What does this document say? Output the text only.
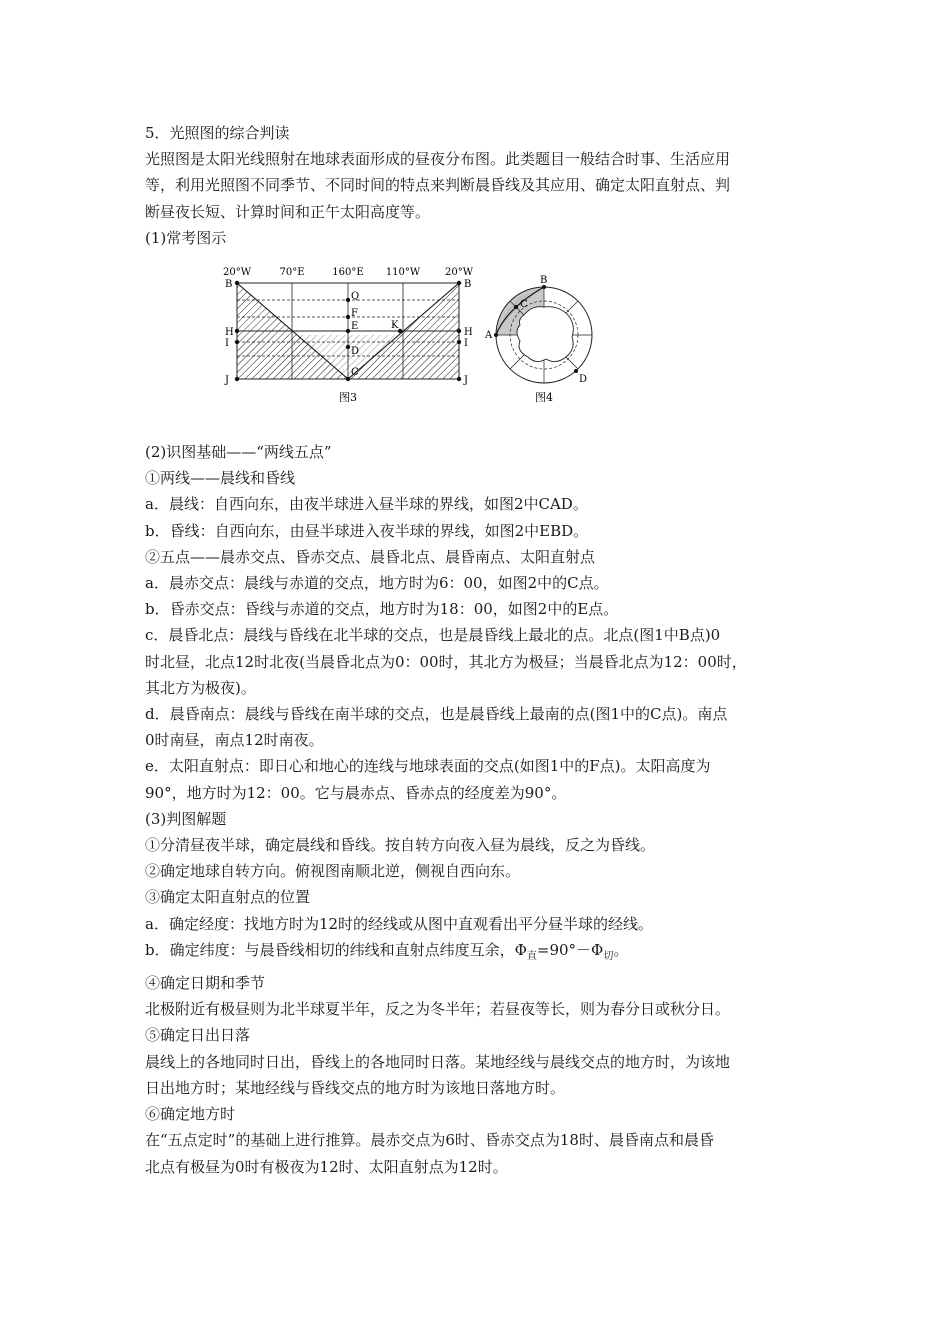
5．光照图的综合判读
光照图是太阳光线照射在地球表面形成的昼夜分布图。此类题目一般结合时事、生活应用
等，利用光照图不同季节、不同时间的特点来判断晨昏线及其应用、确定太阳直射点、判
断昼夜长短、计算时间和正午太阳高度等。
(1)常考图示
20°W	70°E	160°E 110°W 20°W
B
H
I
J
B
H
I
J
Q
F
E
D
C
K
图3
B
C
A
D
图4
(2)识图基础——“两线五点”
①两线——晨线和昏线
a．晨线：自西向东，由夜半球进入昼半球的界线，如图2中CAD。
b．昏线：自西向东，由昼半球进入夜半球的界线，如图2中EBD。
②五点——晨赤交点、昏赤交点、晨昏北点、晨昏南点、太阳直射点
a．晨赤交点：晨线与赤道的交点，地方时为6：00，如图2中的C点。
b．昏赤交点：昏线与赤道的交点，地方时为18：00，如图2中的E点。
c．晨昏北点：晨线与昏线在北半球的交点，也是晨昏线上最北的点。北点(图1中B点)0
时北昼，北点12时北夜(当晨昏北点为0：00时，其北方为极昼；当晨昏北点为12：00时，
其北方为极夜)。
d．晨昏南点：晨线与昏线在南半球的交点，也是晨昏线上最南的点(图1中的C点)。南点
0时南昼，南点12时南夜。
e．太阳直射点：即日心和地心的连线与地球表面的交点(如图1中的F点)。太阳高度为
90°，地方时为12：00。它与晨赤点、昏赤点的经度差为90°。
(3)判图解题
①分清昼夜半球，确定晨线和昏线。按自转方向夜入昼为晨线，反之为昏线。
②确定地球自转方向。俯视图南顺北逆，侧视自西向东。
③确定太阳直射点的位置
a．确定经度：找地方时为12时的经线或从图中直观看出平分昼半球的经线。
b．确定纬度：与晨昏线相切的纬线和直射点纬度互余，$\Phi_直=90^\circ-\Phi_切$。
④确定日期和季节
北极附近有极昼则为北半球夏半年，反之为冬半年；若昼夜等长，则为春分日或秋分日。
⑤确定日出日落
晨线上的各地同时日出，昏线上的各地同时日落。某地经线与晨线交点的地方时，为该地
日出地方时；某地经线与昏线交点的地方时为该地日落地方时。
⑥确定地方时
在“五点定时”的基础上进行推算。晨赤交点为6时、昏赤交点为18时、晨昏南点和晨昏
北点有极昼为0时有极夜为12时、太阳直射点为12时。
